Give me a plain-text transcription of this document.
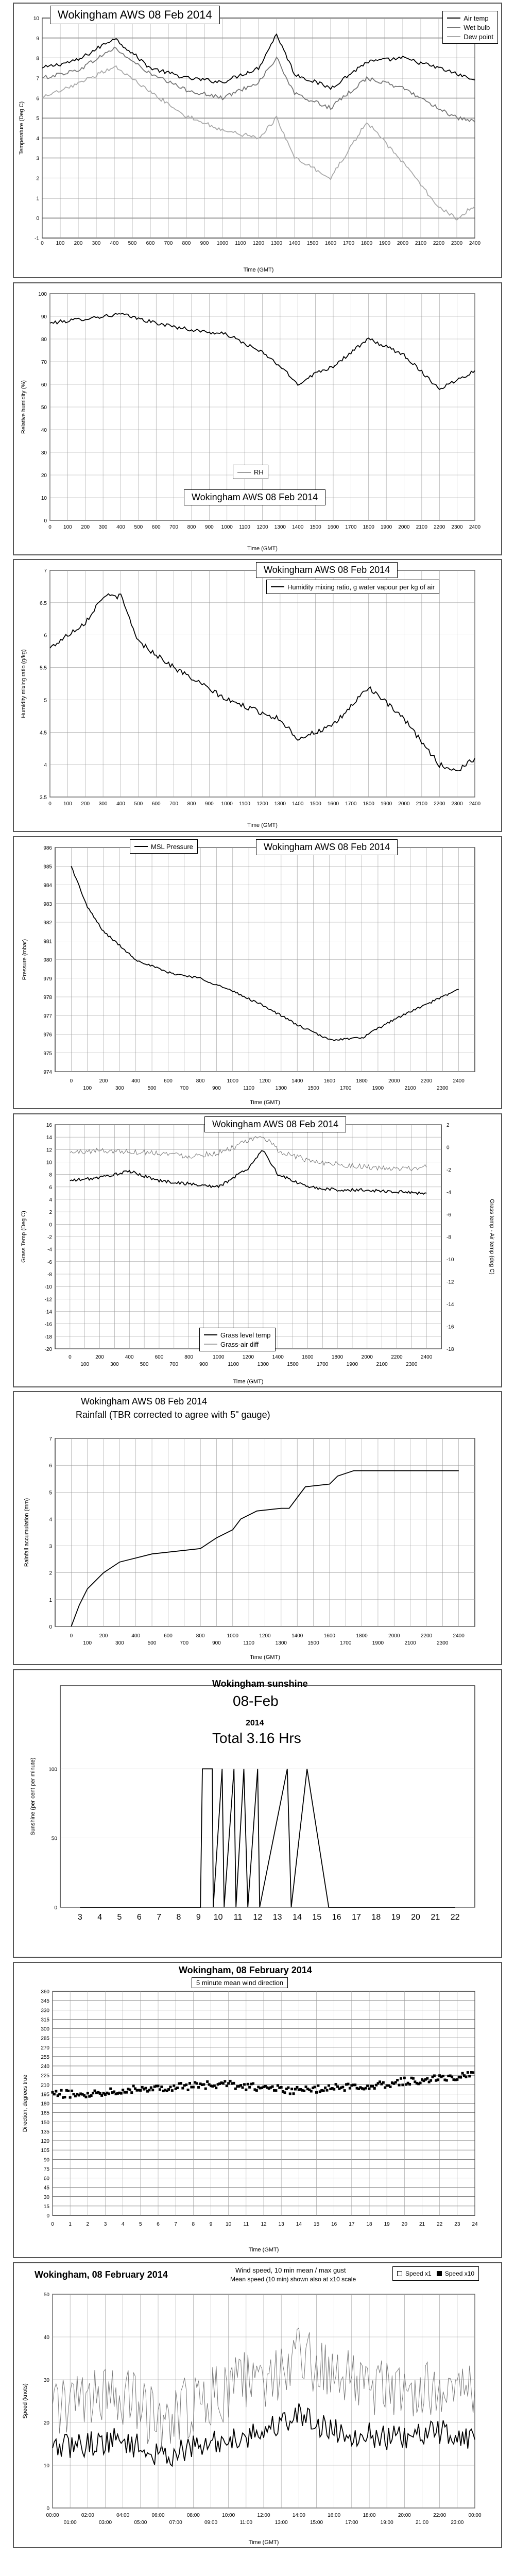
-1
0
1
2
3
4
5
6
7
8
9
10
0 100 200 300 400 500 600 700 800 900 1000 1100 1200 1300 1400 1500 1600 1700 1800 1900 2000 2100 2200 2300 2400
Time (GMT)
Temperature (Deg C)
Wokingham AWS 08 Feb 2014	Air temp
Wet bulb
Dew point
0
10
20
30
40
50
60
70
80
90
100
0 100 200 300 400 500 600 700 800 900 1000 1100 1200 1300 1400 1500 1600 1700 1800 1900 2000 2100 2200 2300 2400
Time (GMT)
Relative humidity (%)
RH
Wokingham AWS 08 Feb 2014
3.5
4
4.5
5
5.5
6
6.5
7
0 100 200 300 400 500 600 700 800 900 1000 1100 1200 1300 1400 1500 1600 1700 1800 1900 2000 2100 2200 2300 2400
Time (GMT)
Humidity mixing ratio (g/kg)
Wokingham AWS 08 Feb 2014
Humidity mixing ratio, g water vapour per kg of air
974
975
976
977
978
979
980
981
982
983
984
985
986
0
100
200
300
400
500
600
700
800
900
1000
1100
1200
1300
1400
1500
1600
1700
1800
1900
2000
2100
2200
2300
2400
Time (GMT)
Pressure (mbar)
MSL Pressure	Wokingham AWS 08 Feb 2014
-20
-18
-16
-14
-12
-10
-8
-6
-4
-2
0
2
4
6
8
10
12
14
16
0
100
200
300
400
500
600
700
800
900
1000
1100
1200
1300
1400
1500
1600
1700
1800
1900
2000
2100
2200
2300
2400
Time (GMT)
Grass Temp (Deg C)
-18
-16
-14
-12
-10
-8
-6
-4
-2
0
2
Grass temp - Air temp (deg C)
Wokingham AWS 08 Feb 2014
Grass level temp
Grass-air diff
0
1
2
3
4
5
6
7
0
100
200
300
400
500
600
700
800
900
1000
1100
1200
1300
1400
1500
1600
1700
1800
1900
2000
2100
2200
2300
2400
Time (GMT)
Rainfall accumulation (mm)
Wokingham AWS 08 Feb 2014
Rainfall (TBR corrected to agree with 5" gauge)
0
50
100
3 4 5 6 7 8 9 10 11 12 13 14 15 16 17 18 19 20 21 22
Sunshine (per cent per minute)
Wokingham sunshine
08-Feb
2014
Total 3.16 Hrs
0
15
30
45
60
75
90
105
120
135
150
165
180
195
210
225
240
255
270
285
300
315
330
345
360
0	1	2	3	4	5	6	7	8	9	10 11 12 13 14 15 16 17 18 19 20 21 22 23 24
Time (GMT)
Direction, degrees true
Wokingham, 08 February 2014
5 minute mean wind direction
0
10
20
30
40
50
00:00
01:00
02:00
03:00
04:00
05:00
06:00
07:00
08:00
09:00
10:00
11:00
12:00
13:00
14:00
15:00
16:00
17:00
18:00
19:00
20:00
21:00
22:00
23:00
00:00
Time (GMT)
Speed (knots)
Wokingham, 08 February 2014	Wind speed, 10 min mean / max gust
Mean speed (10 min) shown also at x10 scale
Speed x1 Speed x10
